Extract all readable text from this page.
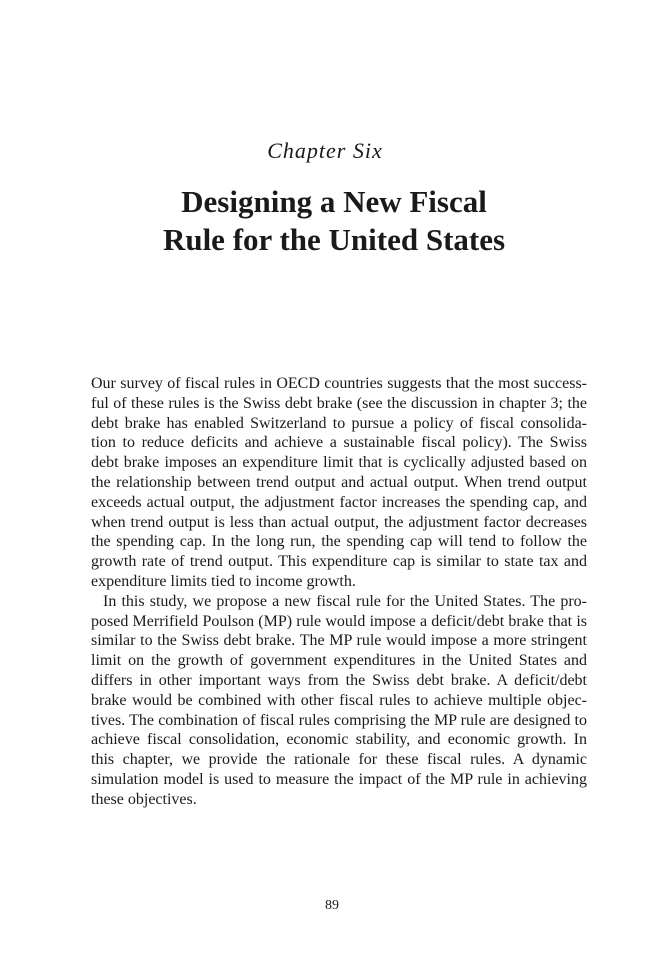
Chapter Six
Designing a New Fiscal
Rule for the United States

Our survey of fiscal rules in OECD countries suggests that the most success-ful of these rules is the Swiss debt brake (see the discussion in chapter 3; the debt brake has enabled Switzerland to pursue a policy of fiscal consolida-tion to reduce deficits and achieve a sustainable fiscal policy). The Swiss debt brake imposes an expenditure limit that is cyclically adjusted based on the relationship between trend output and actual output. When trend output exceeds actual output, the adjustment factor increases the spending cap, and when trend output is less than actual output, the adjustment factor decreases the spending cap. In the long run, the spending cap will tend to follow the growth rate of trend output. This expenditure cap is similar to state tax and expenditure limits tied to income growth.

In this study, we propose a new fiscal rule for the United States. The pro-posed Merrifield Poulson (MP) rule would impose a deficit/debt brake that is similar to the Swiss debt brake. The MP rule would impose a more stringent limit on the growth of government expenditures in the United States and differs in other important ways from the Swiss debt brake. A deficit/debt brake would be combined with other fiscal rules to achieve multiple objec-tives. The combination of fiscal rules comprising the MP rule are designed to achieve fiscal consolidation, economic stability, and economic growth. In this chapter, we provide the rationale for these fiscal rules. A dynamic simulation model is used to measure the impact of the MP rule in achieving these objectives.

89
